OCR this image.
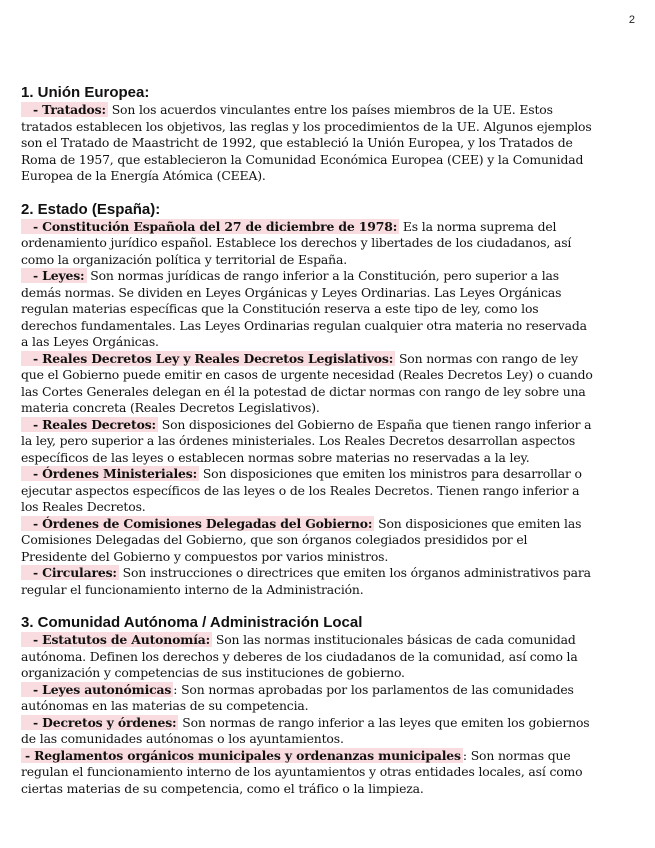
2
1. Unión Europea:

- Tratados: Son los acuerdos vinculantes entre los países miembros de la UE. Estos tratados establecen los objetivos, las reglas y los procedimientos de la UE. Algunos ejemplos son el Tratado de Maastricht de 1992, que estableció la Unión Europea, y los Tratados de Roma de 1957, que establecieron la Comunidad Económica Europea (CEE) y la Comunidad Europea de la Energía Atómica (CEEA).

2. Estado (España):

- Constitución Española del 27 de diciembre de 1978: Es la norma suprema del ordenamiento jurídico español. Establece los derechos y libertades de los ciudadanos, así como la organización política y territorial de España.

- Leyes: Son normas jurídicas de rango inferior a la Constitución, pero superior a las demás normas. Se dividen en Leyes Orgánicas y Leyes Ordinarias. Las Leyes Orgánicas regulan materias específicas que la Constitución reserva a este tipo de ley, como los derechos fundamentales. Las Leyes Ordinarias regulan cualquier otra materia no reservada a las Leyes Orgánicas.

- Reales Decretos Ley y Reales Decretos Legislativos: Son normas con rango de ley que el Gobierno puede emitir en casos de urgente necesidad (Reales Decretos Ley) o cuando las Cortes Generales delegan en él la potestad de dictar normas con rango de ley sobre una materia concreta (Reales Decretos Legislativos).

- Reales Decretos: Son disposiciones del Gobierno de España que tienen rango inferior a la ley, pero superior a las órdenes ministeriales. Los Reales Decretos desarrollan aspectos específicos de las leyes o establecen normas sobre materias no reservadas a la ley.

- Órdenes Ministeriales: Son disposiciones que emiten los ministros para desarrollar o ejecutar aspectos específicos de las leyes o de los Reales Decretos. Tienen rango inferior a los Reales Decretos.

- Órdenes de Comisiones Delegadas del Gobierno: Son disposiciones que emiten las Comisiones Delegadas del Gobierno, que son órganos colegiados presididos por el Presidente del Gobierno y compuestos por varios ministros.

- Circulares: Son instrucciones o directrices que emiten los órganos administrativos para regular el funcionamiento interno de la Administración.

3. Comunidad Autónoma / Administración Local

- Estatutos de Autonomía: Son las normas institucionales básicas de cada comunidad autónoma. Definen los derechos y deberes de los ciudadanos de la comunidad, así como la organización y competencias de sus instituciones de gobierno.

- Leyes autonómicas : Son normas aprobadas por los parlamentos de las comunidades autónomas en las materias de su competencia.

- Decretos y órdenes: Son normas de rango inferior a las leyes que emiten los gobiernos de las comunidades autónomas o los ayuntamientos.

- Reglamentos orgánicos municipales y ordenanzas municipales : Son normas que regulan el funcionamiento interno de los ayuntamientos y otras entidades locales, así como ciertas materias de su competencia, como el tráfico o la limpieza.
